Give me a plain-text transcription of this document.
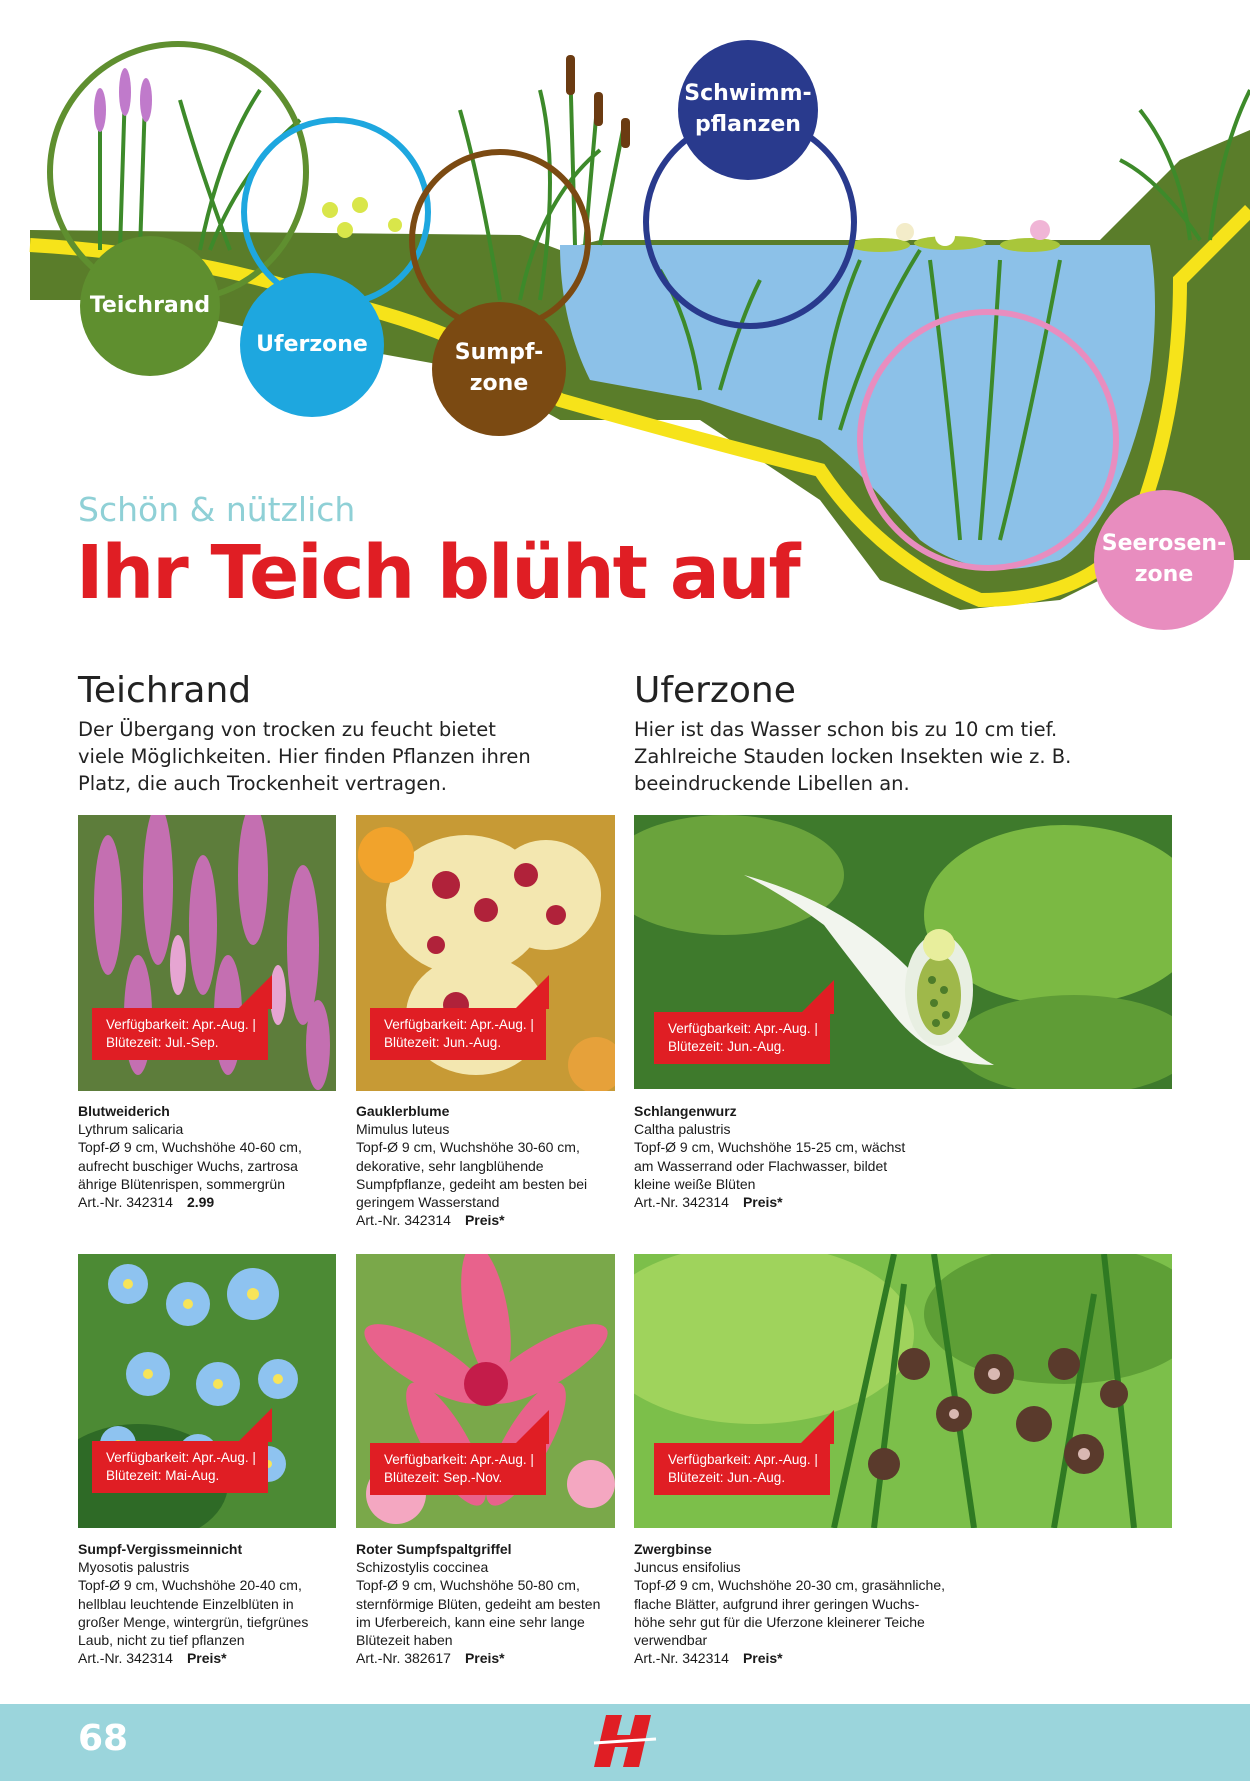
Teichrand
Uferzone	Sumpf-
zone
Schwimm-
pflanzen
Seerosen-
zone
Schön & nützlich
Ihr Teich blüht auf
Teichrand
Der Übergang von trocken zu feucht bietet viele Möglichkeiten. Hier finden Pflanzen ihren Platz, die auch Trockenheit vertragen.
Uferzone
Hier ist das Wasser schon bis zu 10 cm tief. Zahlreiche Stauden locken Insekten wie z. B. beeindruckende Libellen an.
Verfügbarkeit: Apr.-Aug. |
Blütezeit: Jul.-Sep.
Verfügbarkeit: Apr.-Aug. |
Blütezeit: Jun.-Aug.
Verfügbarkeit: Apr.-Aug. |
Blütezeit: Jun.-Aug.
Blutweiderich
Lythrum salicaria
Topf-Ø 9 cm, Wuchshöhe 40-60 cm,
aufrecht buschiger Wuchs, zartrosa
ährige Blütenrispen, sommergrün
Art.-Nr. 342314 2.99
Gauklerblume
Mimulus luteus
Topf-Ø 9 cm, Wuchshöhe 30-60 cm,
dekorative, sehr langblühende
Sumpfpflanze, gedeiht am besten bei
geringem Wasserstand
Art.-Nr. 342314 Preis*
Schlangenwurz
Caltha palustris
Topf-Ø 9 cm, Wuchshöhe 15-25 cm, wächst
am Wasserrand oder Flachwasser, bildet
kleine weiße Blüten
Art.-Nr. 342314 Preis*
Verfügbarkeit: Apr.-Aug. |
Blütezeit: Mai-Aug.
Verfügbarkeit: Apr.-Aug. |
Blütezeit: Sep.-Nov.
Verfügbarkeit: Apr.-Aug. |
Blütezeit: Jun.-Aug.
Sumpf-Vergissmeinnicht
Myosotis palustris
Topf-Ø 9 cm, Wuchshöhe 20-40 cm,
hellblau leuchtende Einzelblüten in
großer Menge, wintergrün, tiefgrünes
Laub, nicht zu tief pflanzen
Art.-Nr. 342314 Preis*
Roter Sumpfspaltgriffel
Schizostylis coccinea
Topf-Ø 9 cm, Wuchshöhe 50-80 cm,
sternförmige Blüten, gedeiht am besten
im Uferbereich, kann eine sehr lange
Blütezeit haben
Art.-Nr. 382617 Preis*
Zwergbinse
Juncus ensifolius
Topf-Ø 9 cm, Wuchshöhe 20-30 cm, grasähnliche,
flache Blätter, aufgrund ihrer geringen Wuchs-
höhe sehr gut für die Uferzone kleinerer Teiche
verwendbar
Art.-Nr. 342314 Preis*
68
